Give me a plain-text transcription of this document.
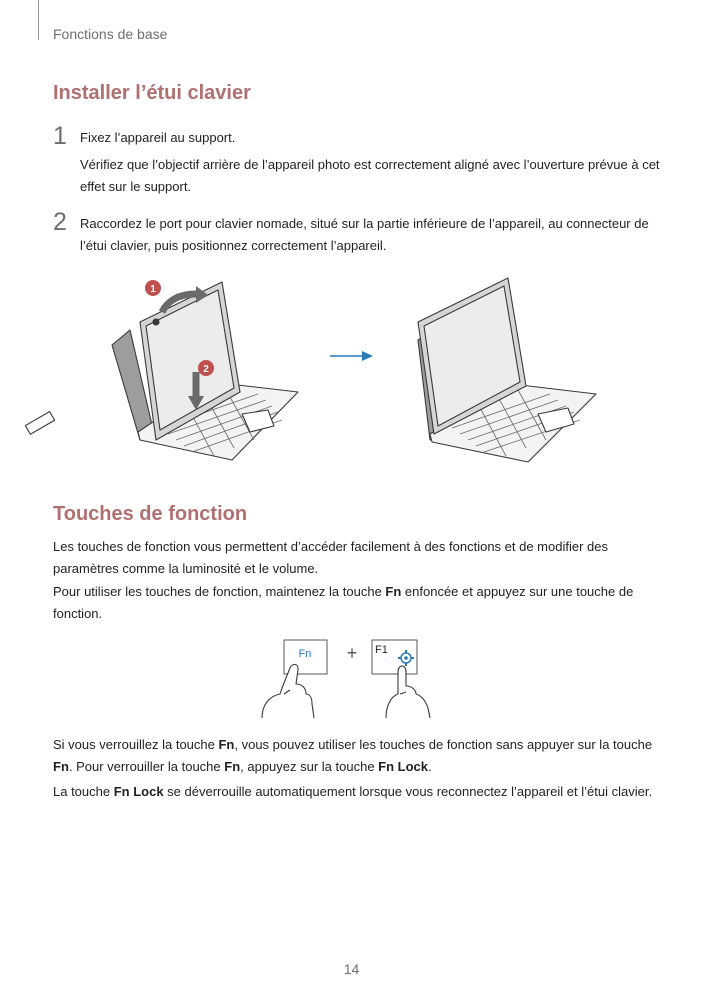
Fonctions de base
Installer l’étui clavier
1 Fixez l’appareil au support.

Vérifiez que l’objectif arrière de l’appareil photo est correctement aligné avec l’ouverture prévue à cet effet sur le support.

2 Raccordez le port pour clavier nomade, situé sur la partie inférieure de l’appareil, au connecteur de l’étui clavier, puis positionnez correctement l’appareil.

1
2
Touches de fonction

Les touches de fonction vous permettent d’accéder facilement à des fonctions et de modifier des paramètres comme la luminosité et le volume.

Pour utiliser les touches de fonction, maintenez la touche Fn enfoncée et appuyez sur une touche de fonction.

Fn + F1

Si vous verrouillez la touche Fn, vous pouvez utiliser les touches de fonction sans appuyer sur la touche Fn. Pour verrouiller la touche Fn, appuyez sur la touche Fn Lock.

La touche Fn Lock se déverrouille automatiquement lorsque vous reconnectez l’appareil et l’étui clavier.

14
